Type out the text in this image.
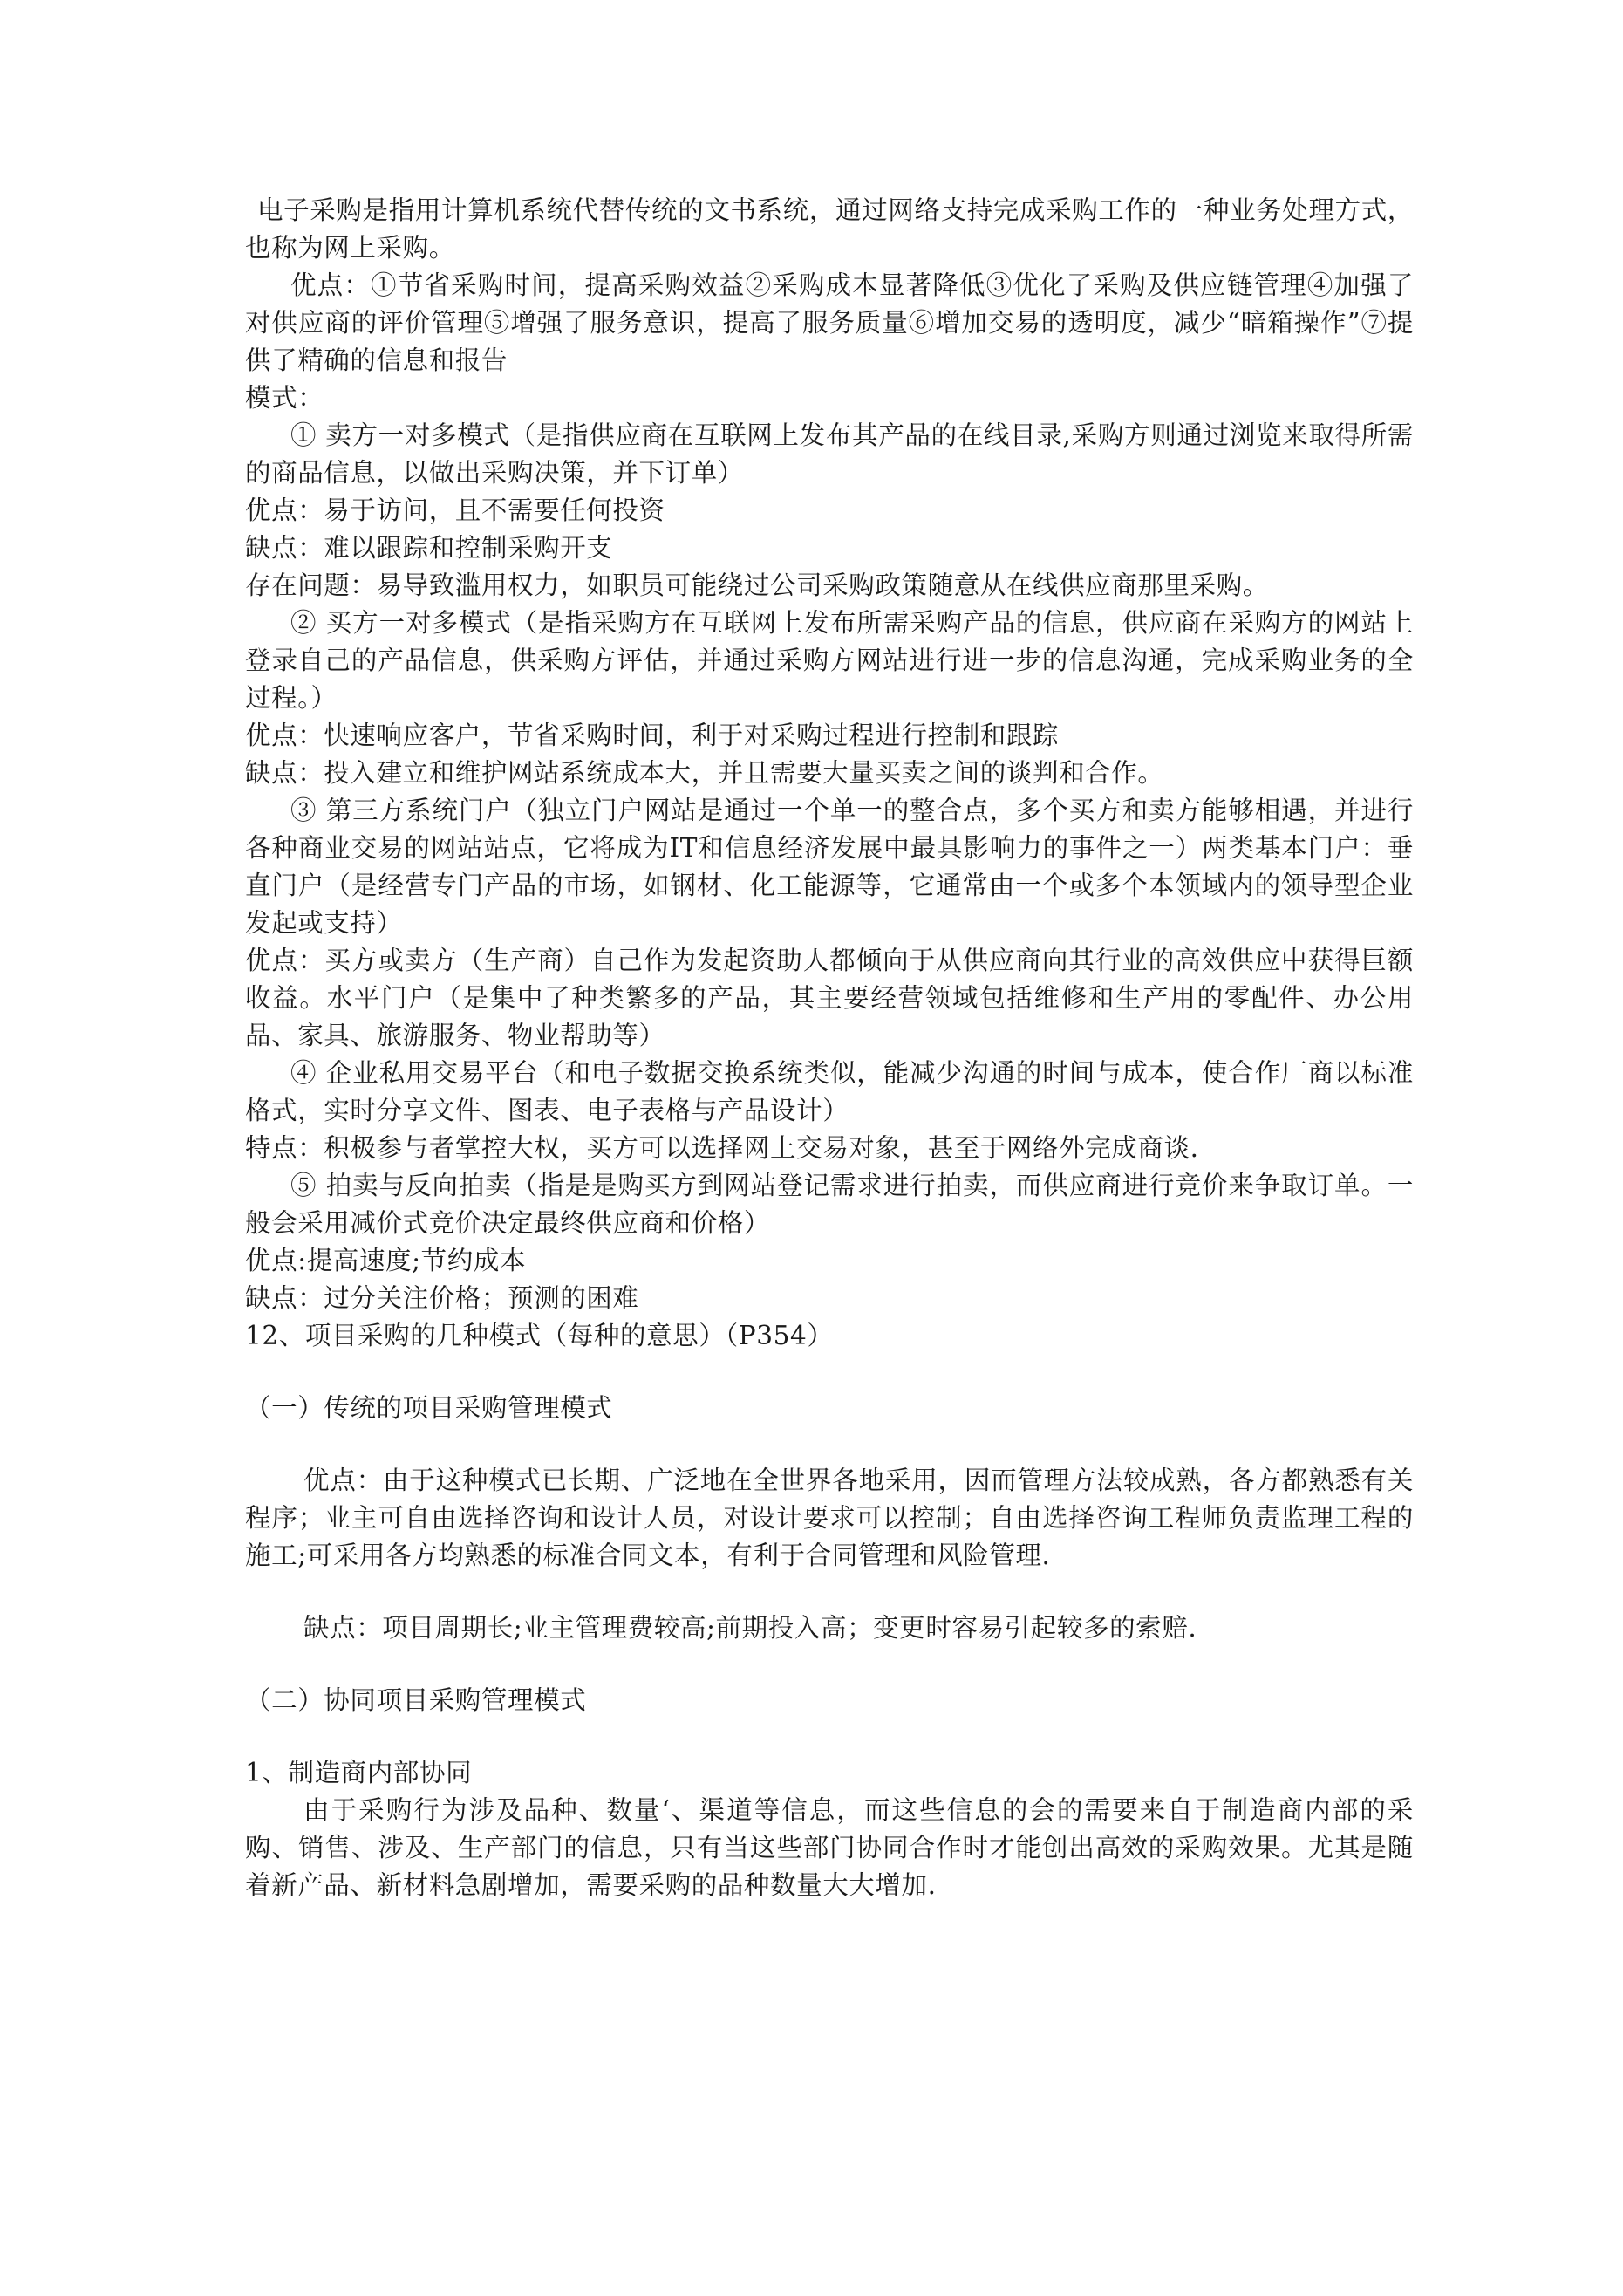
电子采购是指用计算机系统代替传统的文书系统，通过网络支持完成采购工作的一种业务处理方式，也称为网上采购。

优点：①节省采购时间，提高采购效益②采购成本显著降低③优化了采购及供应链管理④加强了对供应商的评价管理⑤增强了服务意识，提高了服务质量⑥增加交易的透明度，减少“暗箱操作”⑦提供了精确的信息和报告

模式：

① 卖方一对多模式（是指供应商在互联网上发布其产品的在线目录,采购方则通过浏览来取得所需的商品信息，以做出采购决策，并下订单）

优点：易于访问，且不需要任何投资

缺点：难以跟踪和控制采购开支

存在问题：易导致滥用权力，如职员可能绕过公司采购政策随意从在线供应商那里采购。

② 买方一对多模式（是指采购方在互联网上发布所需采购产品的信息，供应商在采购方的网站上登录自己的产品信息，供采购方评估，并通过采购方网站进行进一步的信息沟通，完成采购业务的全过程。）

优点：快速响应客户，节省采购时间，利于对采购过程进行控制和跟踪

缺点：投入建立和维护网站系统成本大，并且需要大量买卖之间的谈判和合作。

③ 第三方系统门户（独立门户网站是通过一个单一的整合点，多个买方和卖方能够相遇，并进行各种商业交易的网站站点，它将成为IT和信息经济发展中最具影响力的事件之一）两类基本门户：垂直门户（是经营专门产品的市场，如钢材、化工能源等，它通常由一个或多个本领域内的领导型企业发起或支持）

优点：买方或卖方（生产商）自己作为发起资助人都倾向于从供应商向其行业的高效供应中获得巨额收益。水平门户（是集中了种类繁多的产品，其主要经营领域包括维修和生产用的零配件、办公用品、家具、旅游服务、物业帮助等）

④ 企业私用交易平台（和电子数据交换系统类似，能减少沟通的时间与成本，使合作厂商以标准格式，实时分享文件、图表、电子表格与产品设计）

特点：积极参与者掌控大权，买方可以选择网上交易对象，甚至于网络外完成商谈.

⑤ 拍卖与反向拍卖（指是是购买方到网站登记需求进行拍卖，而供应商进行竞价来争取订单。一般会采用减价式竞价决定最终供应商和价格）

优点:提高速度;节约成本

缺点：过分关注价格；预测的困难

12、项目采购的几种模式（每种的意思）（P354）

（一）传统的项目采购管理模式

优点：由于这种模式已长期、广泛地在全世界各地采用，因而管理方法较成熟，各方都熟悉有关程序；业主可自由选择咨询和设计人员，对设计要求可以控制；自由选择咨询工程师负责监理工程的施工;可采用各方均熟悉的标准合同文本，有利于合同管理和风险管理.

缺点：项目周期长;业主管理费较高;前期投入高；变更时容易引起较多的索赔.

（二）协同项目采购管理模式

1、制造商内部协同

由于采购行为涉及品种、数量‘、渠道等信息，而这些信息的会的需要来自于制造商内部的采购、销售、涉及、生产部门的信息，只有当这些部门协同合作时才能创出高效的采购效果。尤其是随着新产品、新材料急剧增加，需要采购的品种数量大大增加.
